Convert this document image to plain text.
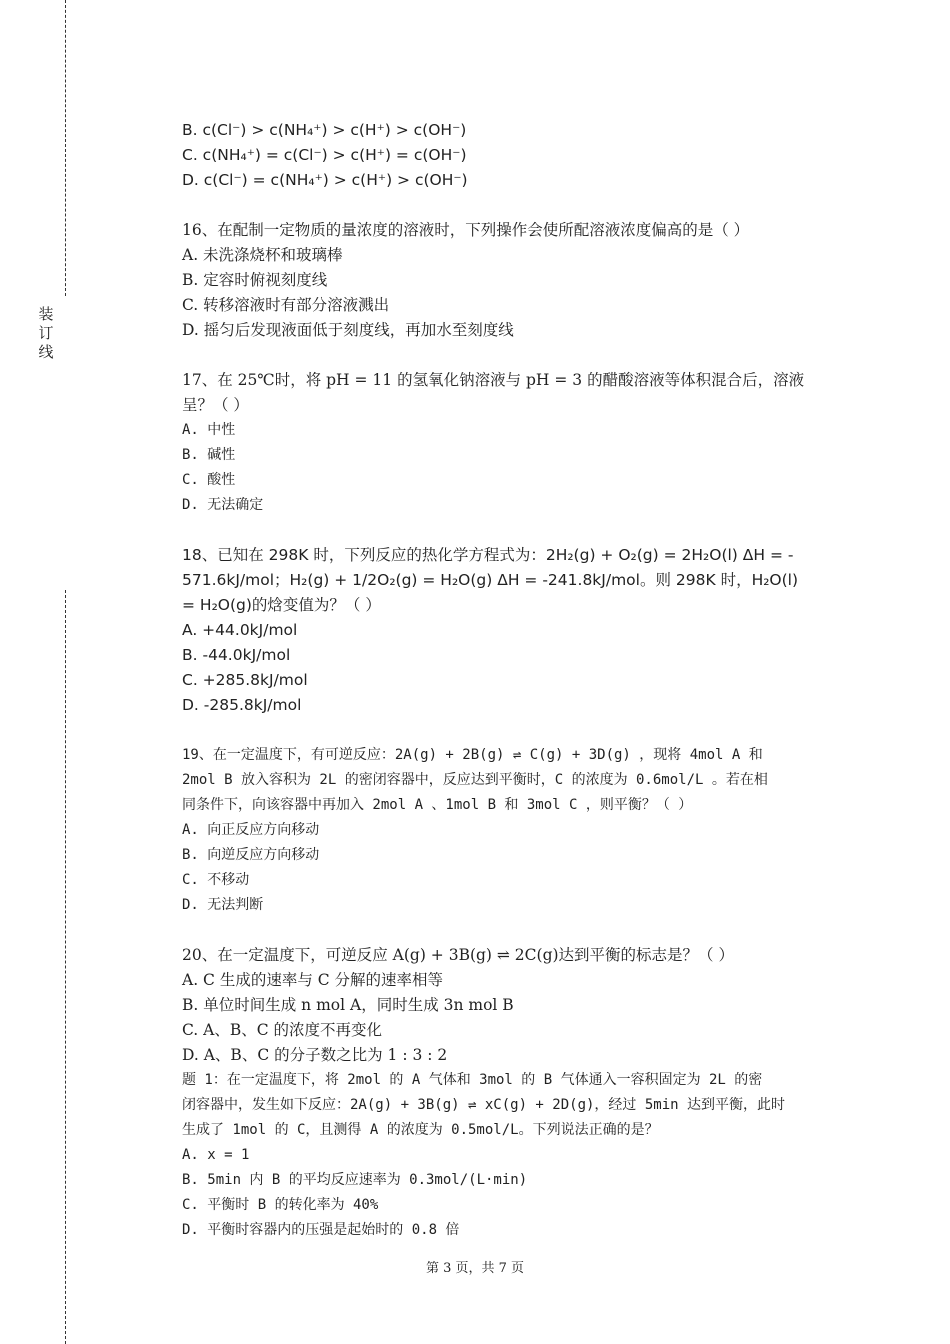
装
订
线
B. c(Cl⁻) > c(NH₄⁺) > c(H⁺) > c(OH⁻)
C. c(NH₄⁺) = c(Cl⁻) > c(H⁺) = c(OH⁻)
D. c(Cl⁻) = c(NH₄⁺) > c(H⁺) > c(OH⁻)
16、在配制一定物质的量浓度的溶液时，下列操作会使所配溶液浓度偏高的是（ ）
A. 未洗涤烧杯和玻璃棒
B. 定容时俯视刻度线
C. 转移溶液时有部分溶液溅出
D. 摇匀后发现液面低于刻度线，再加水至刻度线
17、在 25℃时，将 pH = 11 的氢氧化钠溶液与 pH = 3 的醋酸溶液等体积混合后，溶液
呈？（ ）
A. 中性
B. 碱性
C. 酸性
D. 无法确定
18、已知在 298K 时，下列反应的热化学方程式为：2H₂(g) + O₂(g) = 2H₂O(l) ΔH = -
571.6kJ/mol；H₂(g) + 1/2O₂(g) = H₂O(g) ΔH = -241.8kJ/mol。则 298K 时，H₂O(l)
= H₂O(g)的焓变值为？（ ）
A. +44.0kJ/mol
B. -44.0kJ/mol
C. +285.8kJ/mol
D. -285.8kJ/mol
19、在一定温度下，有可逆反应：2A(g) + 2B(g) ⇌ C(g) + 3D(g) ，现将 4mol A 和
2mol B 放入容积为 2L 的密闭容器中，反应达到平衡时，C 的浓度为 0.6mol/L 。若在相
同条件下，向该容器中再加入 2mol A 、1mol B 和 3mol C ，则平衡？（ ）
A. 向正反应方向移动
B. 向逆反应方向移动
C. 不移动
D. 无法判断
20、在一定温度下，可逆反应 A(g) + 3B(g) ⇌ 2C(g)达到平衡的标志是？（ ）
A. C 生成的速率与 C 分解的速率相等
B. 单位时间生成 n mol A，同时生成 3n mol B
C. A、B、C 的浓度不再变化
D. A、B、C 的分子数之比为 1 : 3 : 2
题 1：在一定温度下，将 2mol 的 A 气体和 3mol 的 B 气体通入一容积固定为 2L 的密
闭容器中，发生如下反应：2A(g) + 3B(g) ⇌ xC(g) + 2D(g)，经过 5min 达到平衡，此时
生成了 1mol 的 C，且测得 A 的浓度为 0.5mol/L。下列说法正确的是？
A. x = 1
B. 5min 内 B 的平均反应速率为 0.3mol/(L·min)
C. 平衡时 B 的转化率为 40%
D. 平衡时容器内的压强是起始时的 0.8 倍
第 3 页，共 7 页
